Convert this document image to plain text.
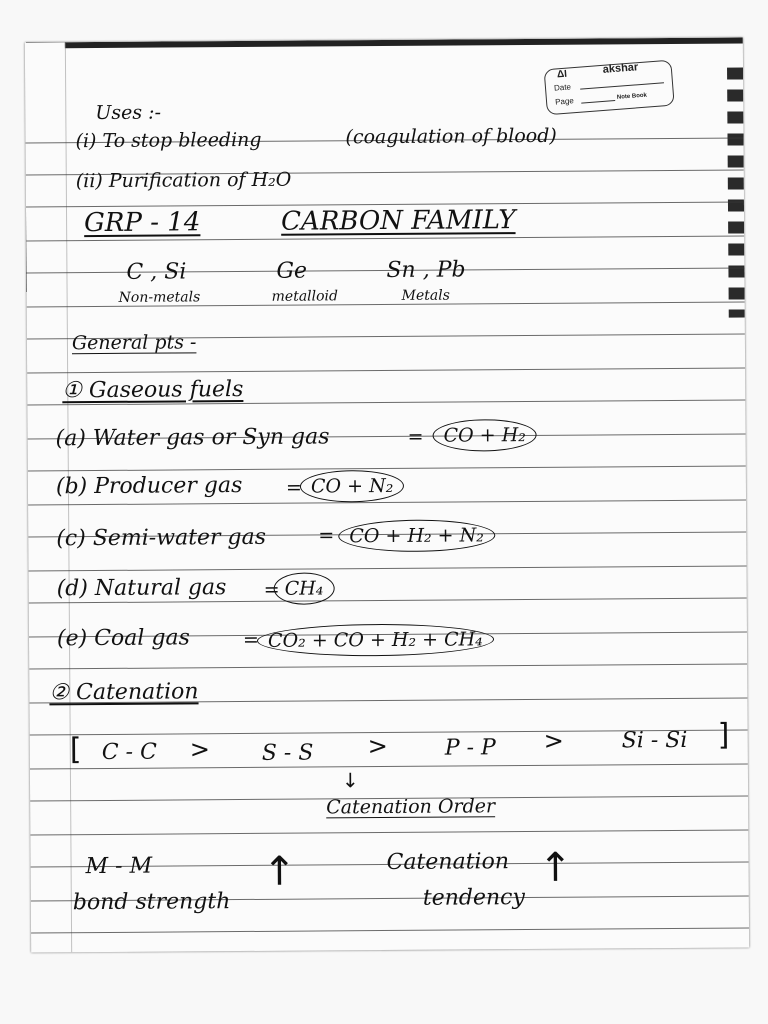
ΔΙ	akshar
Date
Page	Note Book
Uses :-
(i) To stop bleeding	(coagulation of blood)
(ii) Purification of H₂O
GRP - 14	CARBON FAMILY
C , Si	Ge	Sn , Pb
Non-metals	metalloid	Metals
General pts -
① Gaseous fuels
(a) Water gas or Syn gas	=	CO + H₂
(b) Producer gas = CO + N₂
(c) Semi-water gas	= CO + H₂ + N₂
(d) Natural gas = CH₄
(e) Coal gas	= CO₂ + CO + H₂ + CH₄
② Catenation
[ C - C > S - S >	P - P >	Si - Si ]
↓
Catenation Order
M - M
bond strength
↑	Catenation
tendency
↑
